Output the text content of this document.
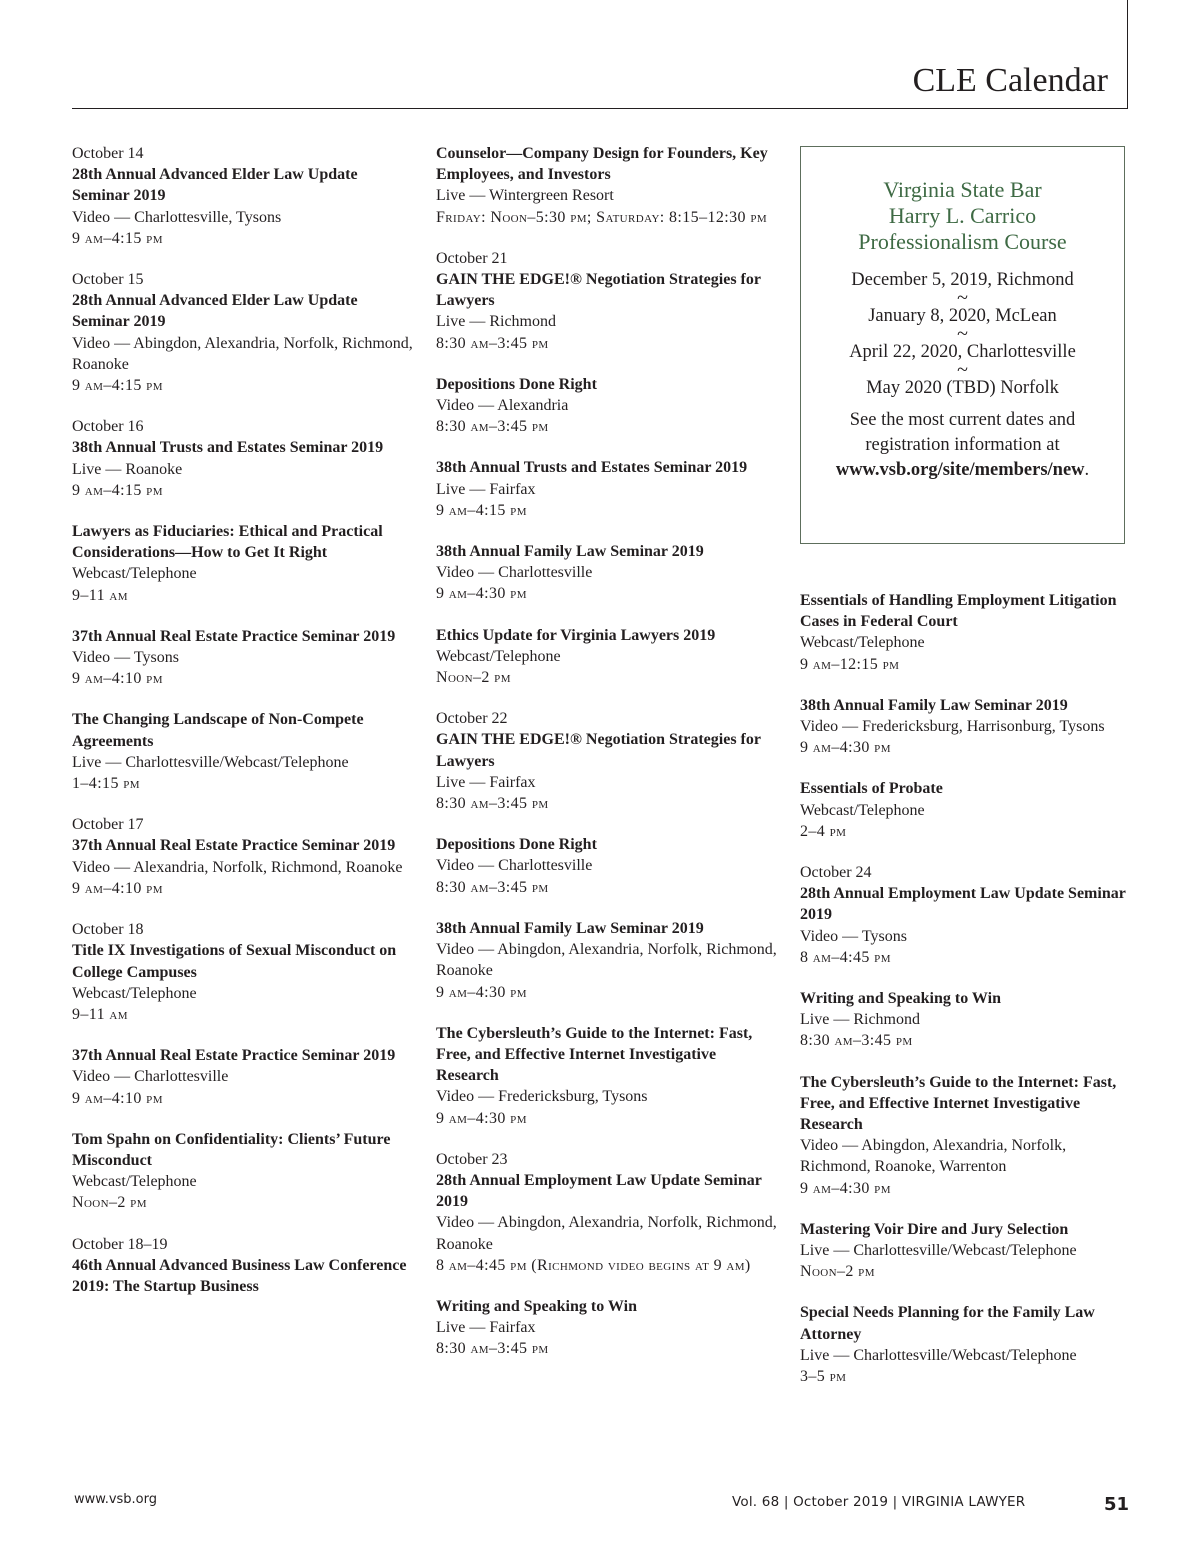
CLE Calendar
October 14
28th Annual Advanced Elder Law Update Seminar 2019
Video — Charlottesville, Tysons
9 am–4:15 pm
October 15
28th Annual Advanced Elder Law Update Seminar 2019
Video — Abingdon, Alexandria, Norfolk, Richmond, Roanoke
9 am–4:15 pm
October 16
38th Annual Trusts and Estates Seminar 2019
Live — Roanoke
9 am–4:15 pm
Lawyers as Fiduciaries: Ethical and Practical Considerations—How to Get It Right
Webcast/Telephone
9–11 am
37th Annual Real Estate Practice Seminar 2019
Video — Tysons
9 am–4:10 pm
The Changing Landscape of Non-Compete Agreements
Live — Charlottesville/Webcast/Telephone
1–4:15 pm
October 17
37th Annual Real Estate Practice Seminar 2019
Video — Alexandria, Norfolk, Richmond, Roanoke
9 am–4:10 pm
October 18
Title IX Investigations of Sexual Misconduct on College Campuses
Webcast/Telephone
9–11 am
37th Annual Real Estate Practice Seminar 2019
Video — Charlottesville
9 am–4:10 pm
Tom Spahn on Confidentiality: Clients’ Future Misconduct
Webcast/Telephone
Noon–2 pm
October 18–19
46th Annual Advanced Business Law Conference 2019: The Startup Business
Counselor—Company Design for Founders, Key Employees, and Investors
Live — Wintergreen Resort
Friday: Noon–5:30 pm; Saturday: 8:15–12:30 pm
October 21
GAIN THE EDGE!® Negotiation Strategies for Lawyers
Live — Richmond
8:30 am–3:45 pm
Depositions Done Right
Video — Alexandria
8:30 am–3:45 pm
38th Annual Trusts and Estates Seminar 2019
Live — Fairfax
9 am–4:15 pm
38th Annual Family Law Seminar 2019
Video — Charlottesville
9 am–4:30 pm
Ethics Update for Virginia Lawyers 2019
Webcast/Telephone
Noon–2 pm
October 22
GAIN THE EDGE!® Negotiation Strategies for Lawyers
Live — Fairfax
8:30 am–3:45 pm
Depositions Done Right
Video — Charlottesville
8:30 am–3:45 pm
38th Annual Family Law Seminar 2019
Video — Abingdon, Alexandria, Norfolk, Richmond, Roanoke
9 am–4:30 pm
The Cybersleuth’s Guide to the Internet: Fast, Free, and Effective Internet Investigative Research
Video — Fredericksburg, Tysons
9 am–4:30 pm
October 23
28th Annual Employment Law Update Seminar 2019
Video — Abingdon, Alexandria, Norfolk, Richmond, Roanoke
8 am–4:45 pm (Richmond video begins at 9 am)
Writing and Speaking to Win
Live — Fairfax
8:30 am–3:45 pm
Essentials of Handling Employment Litigation Cases in Federal Court
Webcast/Telephone
9 am–12:15 pm
38th Annual Family Law Seminar 2019
Video — Fredericksburg, Harrisonburg, Tysons
9 am–4:30 pm
Essentials of Probate
Webcast/Telephone
2–4 pm
October 24
28th Annual Employment Law Update Seminar 2019
Video — Tysons
8 am–4:45 pm
Writing and Speaking to Win
Live — Richmond
8:30 am–3:45 pm
The Cybersleuth’s Guide to the Internet: Fast, Free, and Effective Internet Investigative Research
Video — Abingdon, Alexandria, Norfolk, Richmond, Roanoke, Warrenton
9 am–4:30 pm
Mastering Voir Dire and Jury Selection
Live — Charlottesville/Webcast/Telephone
Noon–2 pm
Special Needs Planning for the Family Law Attorney
Live — Charlottesville/Webcast/Telephone
3–5 pm
Virginia State Bar
Harry L. Carrico
Professionalism Course
December 5, 2019, Richmond
~
January 8, 2020, McLean
~
April 22, 2020, Charlottesville
~
May 2020 (TBD) Norfolk
See the most current dates and registration information at www.vsb.org/site/members/new.
www.vsb.org	Vol. 68 | October 2019 | VIRGINIA LAWYER	51
